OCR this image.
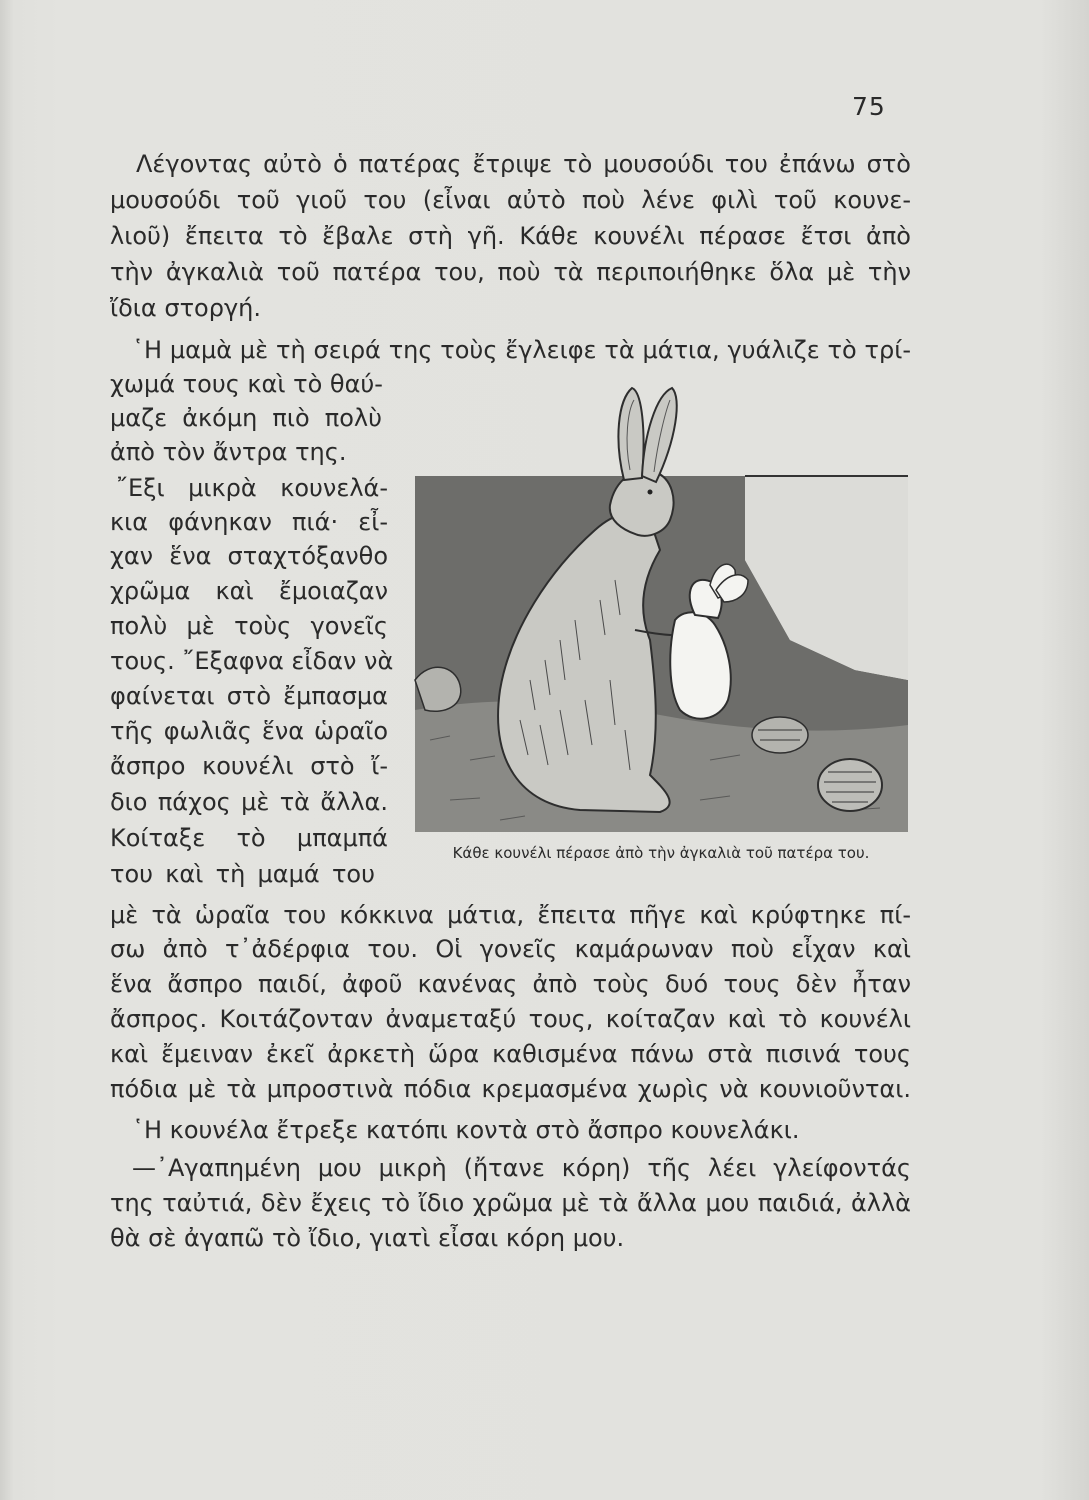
75
Λέγοντας αὐτὸ ὁ πατέρας ἔτριψε τὸ μουσούδι του ἐπάνω στὸ
μουσούδι τοῦ γιοῦ του (εἶναι αὐτὸ ποὺ λένε φιλὶ τοῦ κουνε-
λιοῦ) ἔπειτα τὸ ἔβαλε στὴ γῆ. Κάθε κουνέλι πέρασε ἔτσι ἀπὸ
τὴν ἀγκαλιὰ τοῦ πατέρα του, ποὺ τὰ περιποιήθηκε ὅλα μὲ τὴν
ἴδια στοργή.
῾Η μαμὰ μὲ τὴ σειρά της τοὺς ἔγλειφε τὰ μάτια, γυάλιζε τὸ τρί-
χωμά τους καὶ τὸ θαύ-
μαζε ἀκόμη πιὸ πολὺ
ἀπὸ τὸν ἄντρα της.
῎Εξι μικρὰ κουνελά-
κια φάνηκαν πιά· εἶ-
χαν ἕνα σταχτόξανθο
χρῶμα καὶ ἔμοιαζαν
πολὺ μὲ τοὺς γονεῖς
τους. ῎Εξαφνα εἶδαν νὰ
φαίνεται στὸ ἔμπασμα
τῆς φωλιᾶς ἕνα ὡραῖο
ἄσπρο κουνέλι στὸ ἴ-
διο πάχος μὲ τὰ ἄλλα.
Κοίταξε τὸ μπαμπά
του καὶ τὴ μαμά του
μὲ τὰ ὡραῖα του κόκκινα μάτια, ἔπειτα πῆγε καὶ κρύφτηκε πί-
σω ἀπὸ τ᾿ἀδέρφια του. Οἱ γονεῖς καμάρωναν ποὺ εἶχαν καὶ
ἕνα ἄσπρο παιδί, ἀφοῦ κανένας ἀπὸ τοὺς δυό τους δὲν ἦταν
ἄσπρος. Κοιτάζονταν ἀναμεταξύ τους, κοίταζαν καὶ τὸ κουνέλι
καὶ ἔμειναν ἐκεῖ ἀρκετὴ ὥρα καθισμένα πάνω στὰ πισινά τους
πόδια μὲ τὰ μπροστινὰ πόδια κρεμασμένα χωρὶς νὰ κουνιοῦνται.
῾Η κουνέλα ἔτρεξε κατόπι κοντὰ στὸ ἄσπρο κουνελάκι.
—᾿Αγαπημένη μου μικρὴ (ἤτανε κόρη) τῆς λέει γλείφοντάς
της ταὐτιά, δὲν ἔχεις τὸ ἴδιο χρῶμα μὲ τὰ ἄλλα μου παιδιά, ἀλλὰ
θὰ σὲ ἀγαπῶ τὸ ἴδιο, γιατὶ εἶσαι κόρη μου.
Κάθε κουνέλι πέρασε ἀπὸ τὴν ἀγκαλιὰ τοῦ πατέρα του.
